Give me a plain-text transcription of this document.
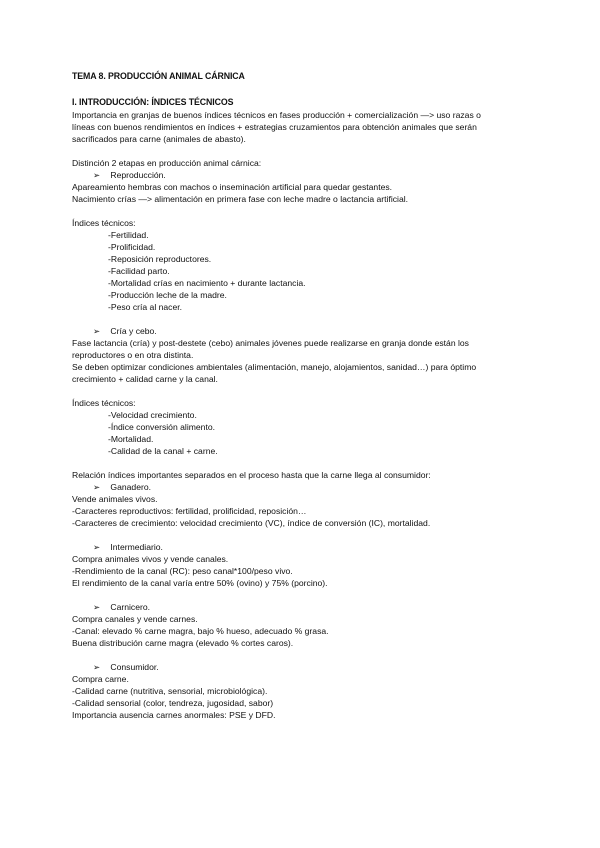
TEMA 8. PRODUCCIÓN ANIMAL CÁRNICA
I. INTRODUCCIÓN: ÍNDICES TÉCNICOS
Importancia en granjas de buenos índices técnicos en fases producción + comercialización ―> uso razas o
líneas con buenos rendimientos en índices + estrategias cruzamientos para obtención animales que serán
sacrificados para carne (animales de abasto).
Distinción 2 etapas en producción animal cárnica:
➢ Reproducción.
Apareamiento hembras con machos o inseminación artificial para quedar gestantes.
Nacimiento crías ―> alimentación en primera fase con leche madre o lactancia artificial.
Índices técnicos:
-Fertilidad.
-Prolificidad.
-Reposición reproductores.
-Facilidad parto.
-Mortalidad crías en nacimiento + durante lactancia.
-Producción leche de la madre.
-Peso cría al nacer.
➢ Cría y cebo.
Fase lactancia (cría) y post-destete (cebo) animales jóvenes puede realizarse en granja donde están los
reproductores o en otra distinta.
Se deben optimizar condiciones ambientales (alimentación, manejo, alojamientos, sanidad…) para óptimo
crecimiento + calidad carne y la canal.
Índices técnicos:
-Velocidad crecimiento.
-Índice conversión alimento.
-Mortalidad.
-Calidad de la canal + carne.
Relación índices importantes separados en el proceso hasta que la carne llega al consumidor:
➢ Ganadero.
Vende animales vivos.
-Caracteres reproductivos: fertilidad, prolificidad, reposición…
-Caracteres de crecimiento: velocidad crecimiento (VC), índice de conversión (IC), mortalidad.
➢ Intermediario.
Compra animales vivos y vende canales.
-Rendimiento de la canal (RC): peso canal*100/peso vivo.
El rendimiento de la canal varía entre 50% (ovino) y 75% (porcino).
➢ Carnicero.
Compra canales y vende carnes.
-Canal: elevado % carne magra, bajo % hueso, adecuado % grasa.
Buena distribución carne magra (elevado % cortes caros).
➢ Consumidor.
Compra carne.
-Calidad carne (nutritiva, sensorial, microbiológica).
-Calidad sensorial (color, tendreza, jugosidad, sabor)
Importancia ausencia carnes anormales: PSE y DFD.
